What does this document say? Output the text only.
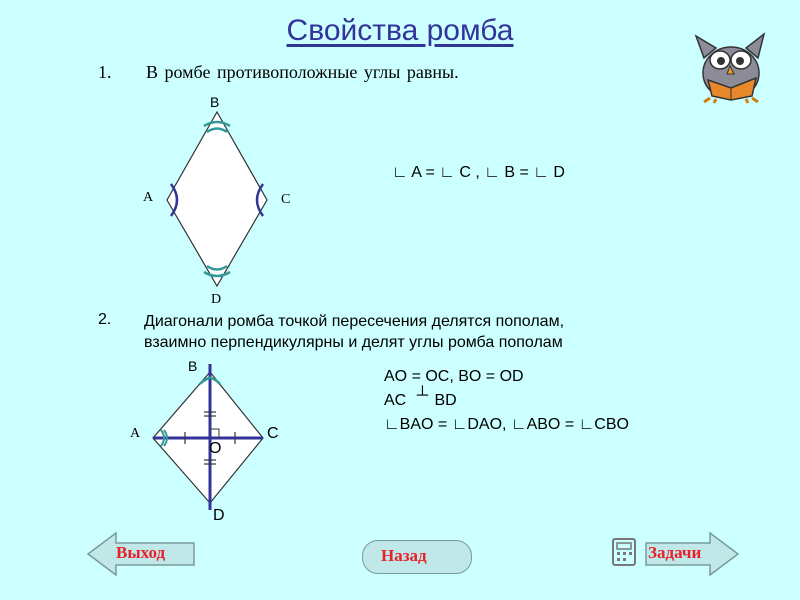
Свойства ромба
1. В ромбе противоположные углы равны.
B
A	C
D
∟ A = ∟ C , ∟ B = ∟ D
2. Диагонали ромба точкой пересечения делятся пополам,
взаимно перпендикулярны и делят углы ромба пополам
B
A	C
O
D
AO = OC, BO = OD
AC ┴ BD
∟BAO = ∟DAO, ∟ABO = ∟CBO
Выход	Назад	Задачи
